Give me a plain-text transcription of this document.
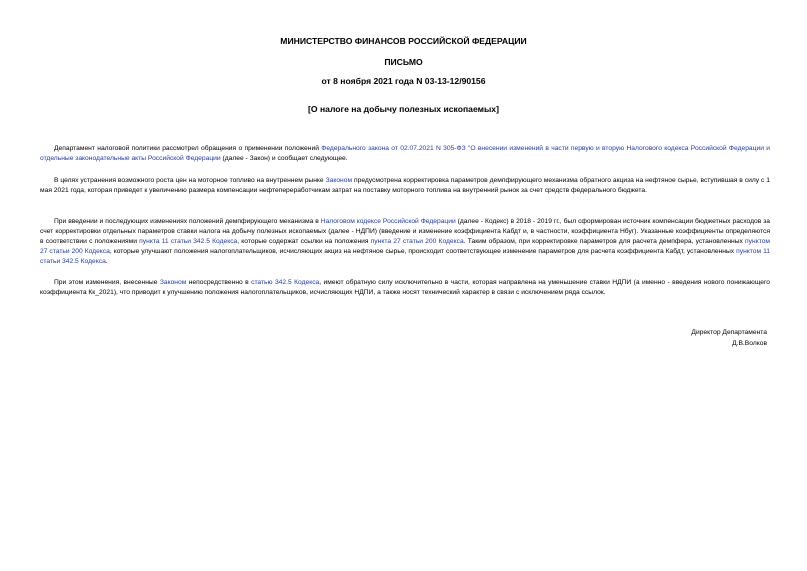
МИНИСТЕРСТВО ФИНАНСОВ РОССИЙСКОЙ ФЕДЕРАЦИИ
ПИСЬМО
от 8 ноября 2021 года N 03-13-12/90156
[О налоге на добычу полезных ископаемых]

Департамент налоговой политики рассмотрел обращения о применении положений Федерального закона от 02.07.2021 N 305-ФЗ "О внесении изменений в части первую и вторую Налогового кодекса Российской Федерации и отдельные законодательные акты Российской Федерации (далее - Закон) и сообщает следующее.

В целях устранения возможного роста цен на моторное топливо на внутреннем рынке Законом предусмотрена корректировка параметров демпфирующего механизма обратного акциза на нефтяное сырье, вступившая в силу с 1 мая 2021 года, которая приведет к увеличению размера компенсации нефтепереработчикам затрат на поставку моторного топлива на внутренний рынок за счет средств федерального бюджета.

При введении и последующих изменениях положений демпфирующего механизма в Налоговом кодексе Российской Федерации (далее - Кодекс) в 2018 - 2019 гг., был сформирован источник компенсации бюджетных расходов за счет корректировки отдельных параметров ставки налога на добычу полезных ископаемых (далее - НДПИ) (введение и изменение коэффициента Кабдт и, в частности, коэффициента Нбуг). Указанные коэффициенты определяются в соответствии с положениями пункта 11 статьи 342.5 Кодекса, которые содержат ссылки на положения пункта 27 статьи 200 Кодекса. Таким образом, при корректировке параметров для расчета демпфера, установленных пунктом 27 статьи 200 Кодекса, которые улучшают положения налогоплательщиков, исчисляющих акциз на нефтяное сырье, происходит соответствующее изменение параметров для расчета коэффициента Кабдт, установленных пунктом 11 статьи 342.5 Кодекса.

При этом изменения, внесенные Законом непосредственно в статью 342.5 Кодекса, имеют обратную силу исключительно в части, которая направлена на уменьшение ставки НДПИ (а именно - введения нового понижающего коэффициента Кк_2021), что приводит к улучшению положения налогоплательщиков, исчисляющих НДПИ, а также носят технический характер в связи с исключением ряда ссылок.

Директор Департамента
Д.В.Волков
